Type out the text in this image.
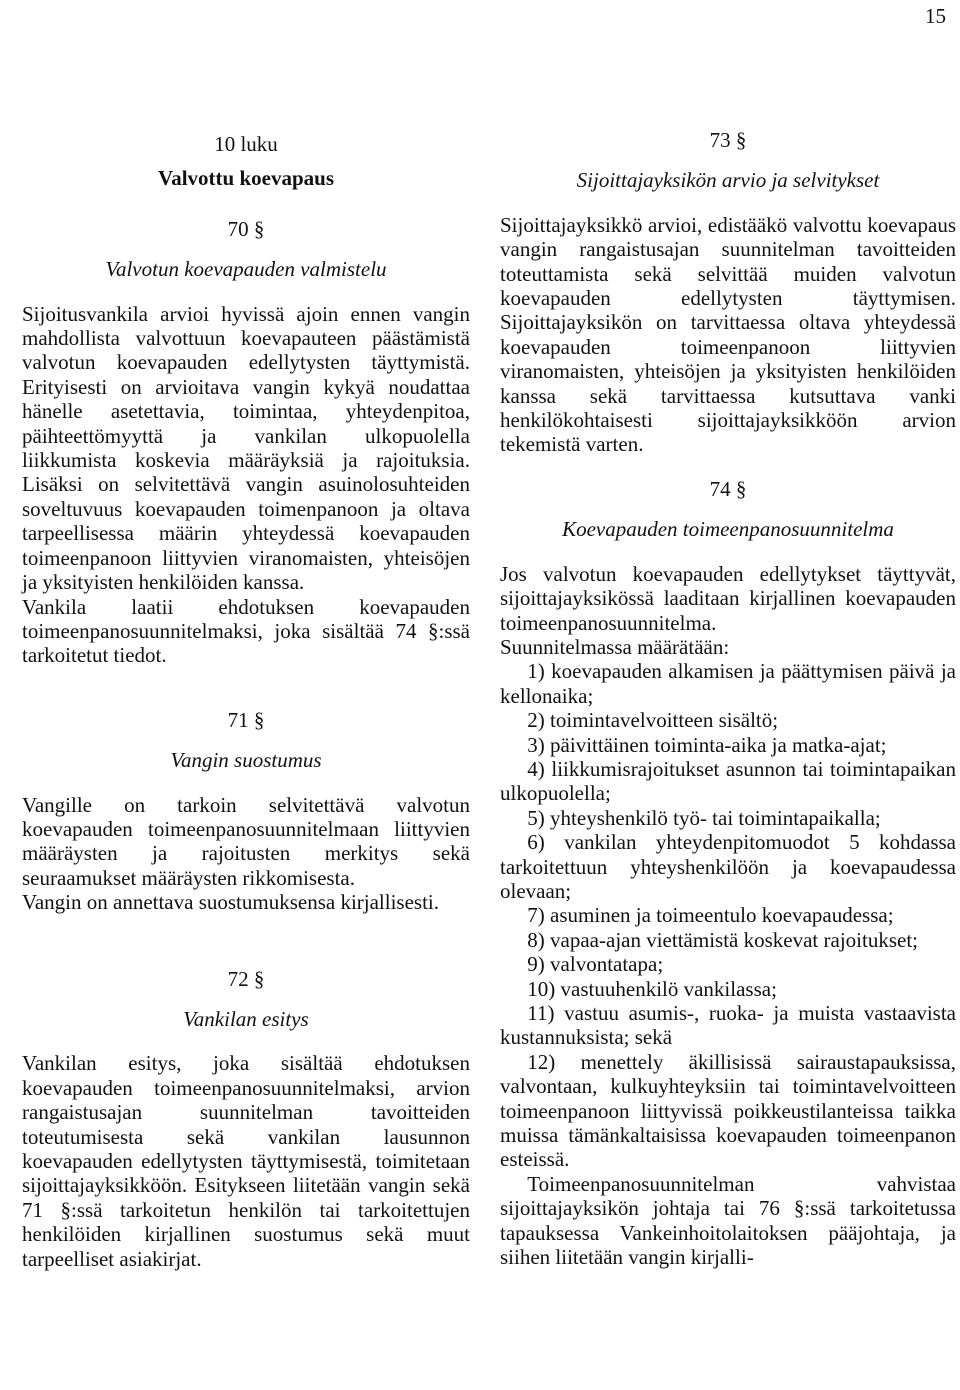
15
10 luku
Valvottu koevapaus
70 §
Valvotun koevapauden valmistelu

Sijoitusvankila arvioi hyvissä ajoin ennen vangin mahdollista valvottuun koevapauteen päästämistä valvotun koevapauden edellytysten täyttymistä. Erityisesti on arvioitava vangin kykyä noudattaa hänelle asetettavia, toimintaa, yhteydenpitoa, päihteettömyyttä ja vankilan ulkopuolella liikkumista koskevia määräyksiä ja rajoituksia. Lisäksi on selvitettävä vangin asuinolosuhteiden soveltuvuus koevapauden toimenpanoon ja oltava tarpeellisessa määrin yhteydessä koevapauden toimeenpanoon liittyvien viranomaisten, yhteisöjen ja yksityisten henkilöiden kanssa.

Vankila laatii ehdotuksen koevapauden toimeenpanosuunnitelmaksi, joka sisältää 74 §:ssä tarkoitetut tiedot.

71 §
Vangin suostumus

Vangille on tarkoin selvitettävä valvotun koevapauden toimeenpanosuunnitelmaan liittyvien määräysten ja rajoitusten merkitys sekä seuraamukset määräysten rikkomisesta.

Vangin on annettava suostumuksensa kirjallisesti.

72 §
Vankilan esitys

Vankilan esitys, joka sisältää ehdotuksen koevapauden toimeenpanosuunnitelmaksi, arvion rangaistusajan suunnitelman tavoitteiden toteutumisesta sekä vankilan lausunnon koevapauden edellytysten täyttymisestä, toimitetaan sijoittajayksikköön. Esitykseen liitetään vangin sekä 71 §:ssä tarkoitetun henkilön tai tarkoitettujen henkilöiden kirjallinen suostumus sekä muut tarpeelliset asiakirjat.

73 §
Sijoittajayksikön arvio ja selvitykset

Sijoittajayksikkö arvioi, edistääkö valvottu koevapaus vangin rangaistusajan suunnitelman tavoitteiden toteuttamista sekä selvittää muiden valvotun koevapauden edellytysten täyttymisen. Sijoittajayksikön on tarvittaessa oltava yhteydessä koevapauden toimeenpanoon liittyvien viranomaisten, yhteisöjen ja yksityisten henkilöiden kanssa sekä tarvittaessa kutsuttava vanki henkilökohtaisesti sijoittajayksikköön arvion tekemistä varten.

74 §
Koevapauden toimeenpanosuunnitelma

Jos valvotun koevapauden edellytykset täyttyvät, sijoittajayksikössä laaditaan kirjallinen koevapauden toimeenpanosuunnitelma.

Suunnitelmassa määrätään:

1) koevapauden alkamisen ja päättymisen päivä ja kellonaika;
2) toimintavelvoitteen sisältö;
3) päivittäinen toiminta-aika ja matka-ajat;
4) liikkumisrajoitukset asunnon tai toimintapaikan ulkopuolella;
5) yhteyshenkilö työ- tai toimintapaikalla;
6) vankilan yhteydenpitomuodot 5 kohdassa tarkoitettuun yhteyshenkilöön ja koevapaudessa olevaan;
7) asuminen ja toimeentulo koevapaudessa;
8) vapaa-ajan viettämistä koskevat rajoitukset;
9) valvontatapa;
10) vastuuhenkilö vankilassa;
11) vastuu asumis-, ruoka- ja muista vastaavista kustannuksista; sekä
12) menettely äkillisissä sairaustapauksissa, valvontaan, kulkuyhteyksiin tai toimintavelvoitteen toimeenpanoon liittyvissä poikkeustilanteissa taikka muissa tämänkaltaisissa koevapauden toimeenpanon esteissä.

Toimeenpanosuunnitelman vahvistaa sijoittajayksikön johtaja tai 76 §:ssä tarkoitetussa tapauksessa Vankeinhoitolaitoksen pääjohtaja, ja siihen liitetään vangin kirjalli-
